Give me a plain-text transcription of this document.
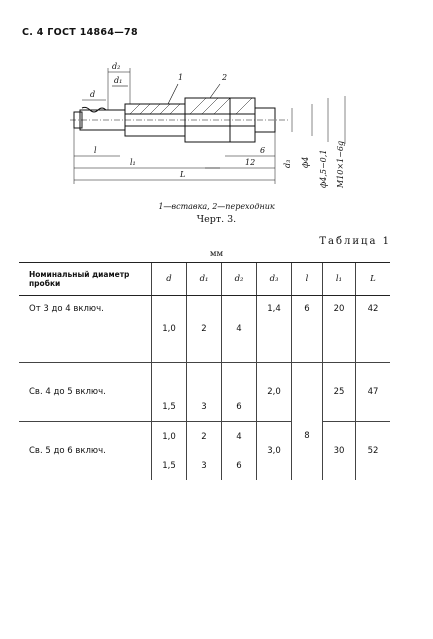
С. 4 ГОСТ 14864—78
d₂
d₁
d
1	2
l
l₁
L
6
12	d₃ ф4 ф4,5−0,1 M10×1−6g
1—вставка, 2—переходник
Черт. 3.
Таблица 1
мм
Номинальный диаметр пробки	d	d₁	d₂	d₃	l	l₁	L
От 3 до 4 включ.	1,0	2	4	1,4	6	20	42

Св. 4 до 5 включ.				2,0		25	47
	1,5	3	6		8		
Св. 5 до 6 включ.	1,0	2	4	3,0		30	52
	1,5	3	6				
